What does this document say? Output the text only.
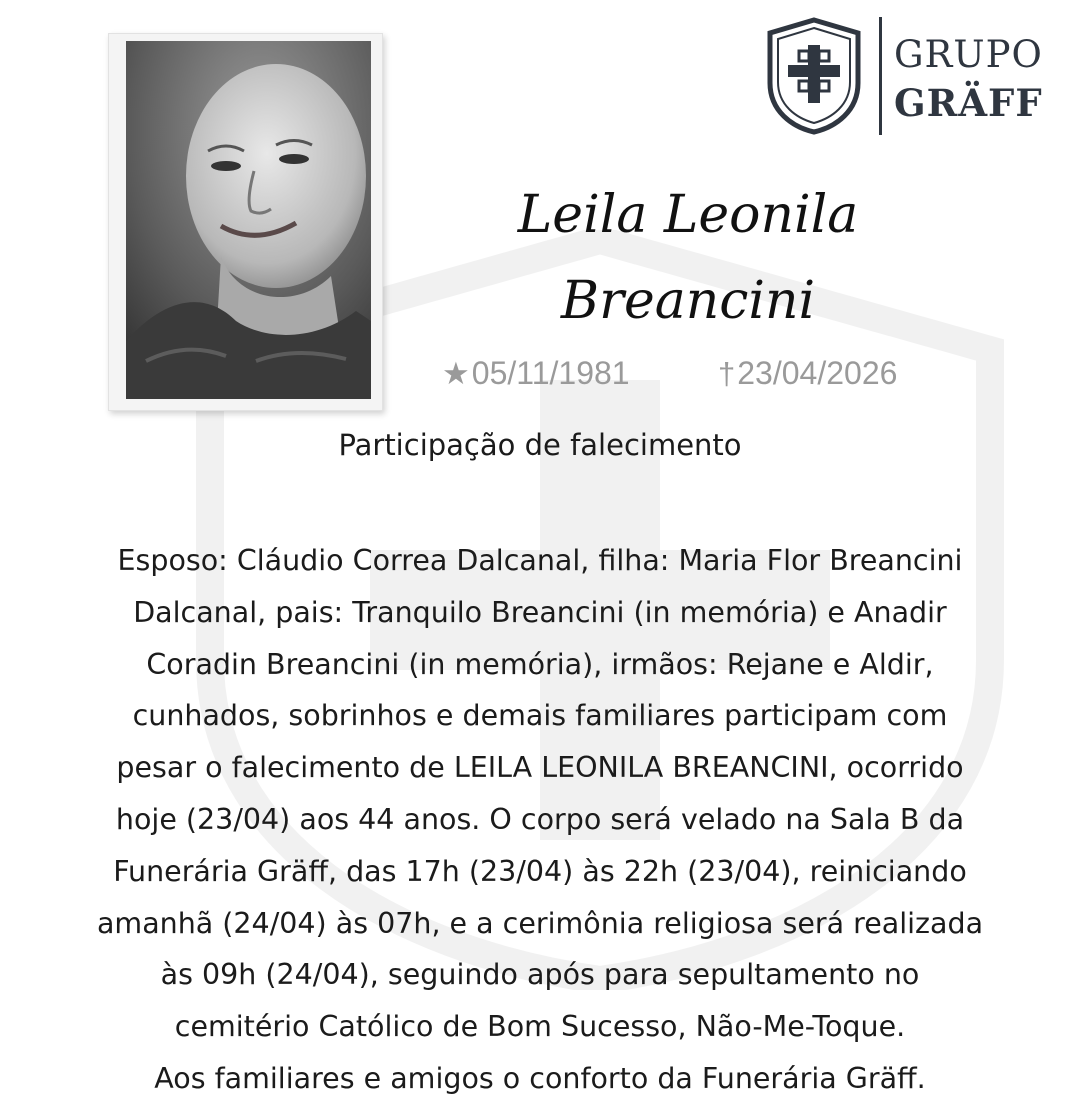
GRUPO
GRÄFF
Leila Leonila
Breancini
★05/11/1981	†23/04/2026
Participação de falecimento
Esposo: Cláudio Correa Dalcanal, filha: Maria Flor Breancini
Dalcanal, pais: Tranquilo Breancini (in memória) e Anadir
Coradin Breancini (in memória), irmãos: Rejane e Aldir,
cunhados, sobrinhos e demais familiares participam com
pesar o falecimento de LEILA LEONILA BREANCINI, ocorrido
hoje (23/04) aos 44 anos. O corpo será velado na Sala B da
Funerária Gräff, das 17h (23/04) às 22h (23/04), reiniciando
amanhã (24/04) às 07h, e a cerimônia religiosa será realizada
às 09h (24/04), seguindo após para sepultamento no
cemitério Católico de Bom Sucesso, Não-Me-Toque.
Aos familiares e amigos o conforto da Funerária Gräff.
